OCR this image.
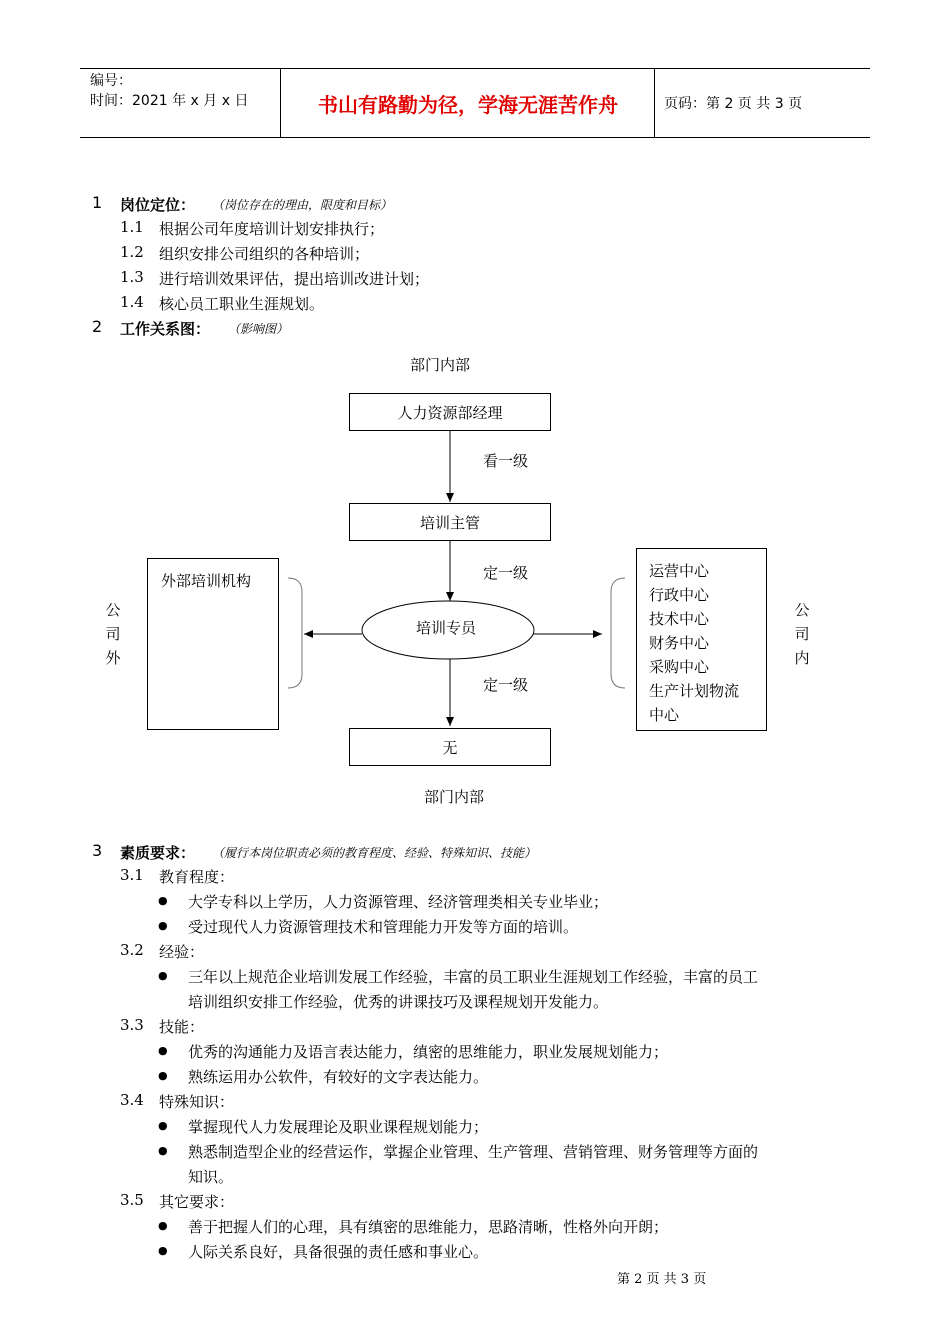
编号：
时间：2021 年 x 月 x 日	书山有路勤为径，学海无涯苦作舟	页码：第 2 页 共 3 页
1 岗位定位： （岗位存在的理由，限度和目标）
1.1 根据公司年度培训计划安排执行；
1.2 组织安排公司组织的各种培训；
1.3 进行培训效果评估，提出培训改进计划；
1.4 核心员工职业生涯规划。
2 工作关系图： （影响图）
部门内部
人力资源部经理
看一级
培训主管
定一级
培训专员
定一级
无
部门内部
外部培训机构
公
司
外
运营中心
行政中心
技术中心
财务中心
采购中心
生产计划物流
中心
公
司
内
3 素质要求： （履行本岗位职责必须的教育程度、经验、特殊知识、技能）
3.1 教育程度：
● 大学专科以上学历，人力资源管理、经济管理类相关专业毕业；
● 受过现代人力资源管理技术和管理能力开发等方面的培训。
3.2 经验：
● 三年以上规范企业培训发展工作经验，丰富的员工职业生涯规划工作经验，丰富的员工
培训组织安排工作经验，优秀的讲课技巧及课程规划开发能力。
3.3 技能：
● 优秀的沟通能力及语言表达能力，缜密的思维能力，职业发展规划能力；
● 熟练运用办公软件，有较好的文字表达能力。
3.4 特殊知识：
● 掌握现代人力发展理论及职业课程规划能力；
● 熟悉制造型企业的经营运作，掌握企业管理、生产管理、营销管理、财务管理等方面的
知识。
3.5 其它要求：
● 善于把握人们的心理，具有缜密的思维能力，思路清晰，性格外向开朗；
● 人际关系良好，具备很强的责任感和事业心。
第 2 页 共 3 页
